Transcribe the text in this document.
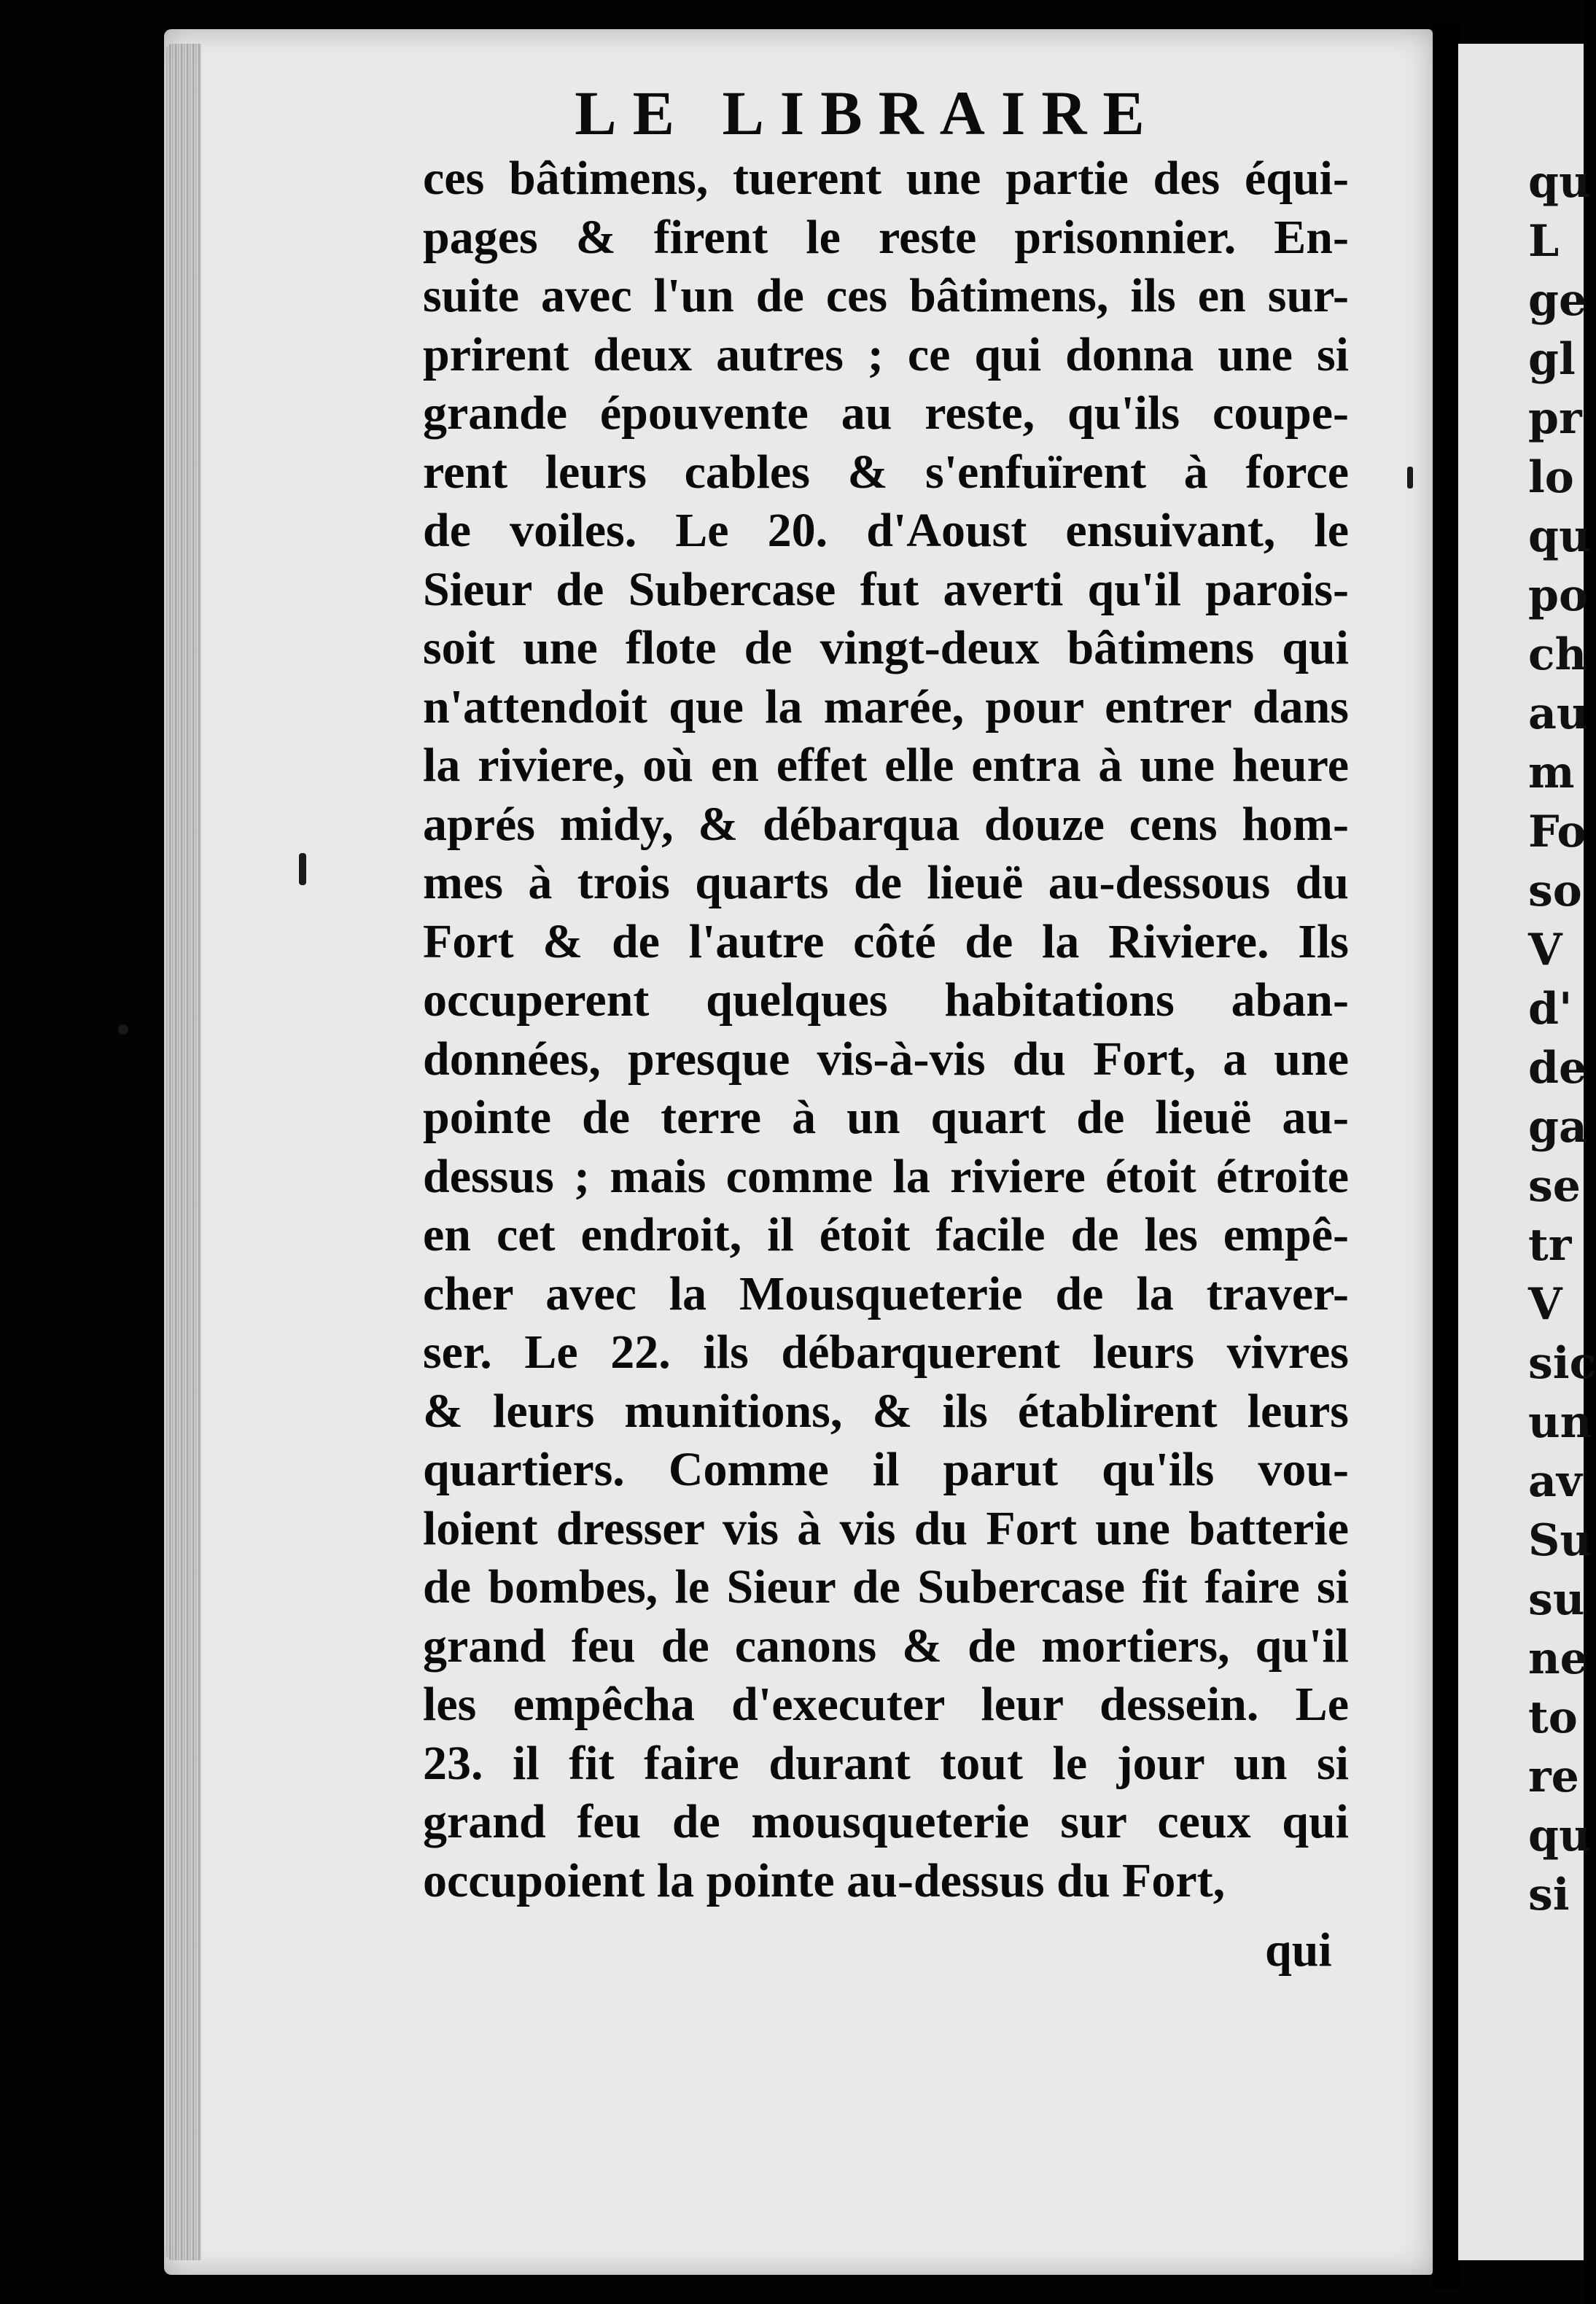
LE LIBRAIRE
ces bâtimens, tuerent une partie des équi-
pages & firent le reste prisonnier. En-
suite avec l'un de ces bâtimens, ils en sur-
prirent deux autres ; ce qui donna une si
grande épouvente au reste, qu'ils coupe-
rent leurs cables & s'enfuïrent à force
de voiles. Le 20. d'Aoust ensuivant, le
Sieur de Subercase fut averti qu'il parois-
soit une flote de vingt-deux bâtimens qui
n'attendoit que la marée, pour entrer dans
la riviere, où en effet elle entra à une heure
aprés midy, & débarqua douze cens hom-
mes à trois quarts de lieuë au-dessous du
Fort & de l'autre côté de la Riviere. Ils
occuperent quelques habitations aban-
données, presque vis-à-vis du Fort, a une
pointe de terre à un quart de lieuë au-
dessus ; mais comme la riviere étoit étroite
en cet endroit, il étoit facile de les empê-
cher avec la Mousqueterie de la traver-
ser. Le 22. ils débarquerent leurs vivres
& leurs munitions, & ils établirent leurs
quartiers. Comme il parut qu'ils vou-
loient dresser vis à vis du Fort une batterie
de bombes, le Sieur de Subercase fit faire si
grand feu de canons & de mortiers, qu'il
les empêcha d'executer leur dessein. Le
23. il fit faire durant tout le jour un si
grand feu de mousqueterie sur ceux qui
occupoient la pointe au-dessus du Fort,
qui
qu
L
ge
gl
pr
lo
qu
po
ch
au
m
Fo
so
V
d'
de
ga
se
tr
V
sic
un
av
Su
su
ne
to
re
qu
si
